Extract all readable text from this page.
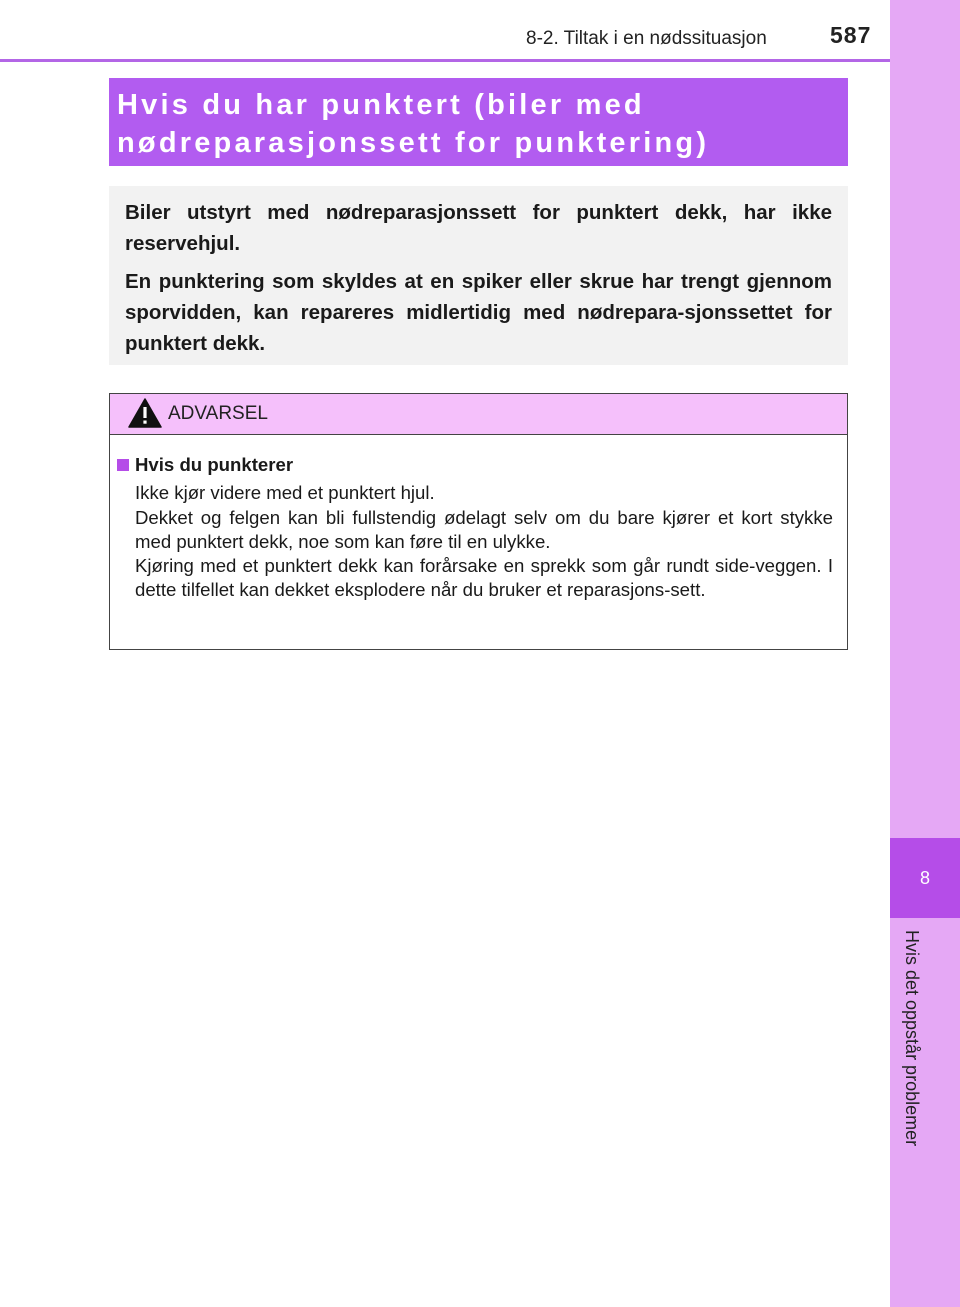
8-2. Tiltak i en nødssituasjon	587
8
Hvis det oppstår problemer
Hvis du har punktert (biler med
nødreparasjonssett for punktering)

Biler utstyrt med nødreparasjonssett for punktert dekk, har ikke reservehjul.

En punktering som skyldes at en spiker eller skrue har trengt gjennom sporvidden, kan repareres midlertidig med nødrepara-sjonssettet for punktert dekk.

ADVARSEL
Hvis du punkterer
Ikke kjør videre med et punktert hjul.
Dekket og felgen kan bli fullstendig ødelagt selv om du bare kjører et kort stykke med punktert dekk, noe som kan føre til en ulykke.
Kjøring med et punktert dekk kan forårsake en sprekk som går rundt side-veggen. I dette tilfellet kan dekket eksplodere når du bruker et reparasjons-sett.
